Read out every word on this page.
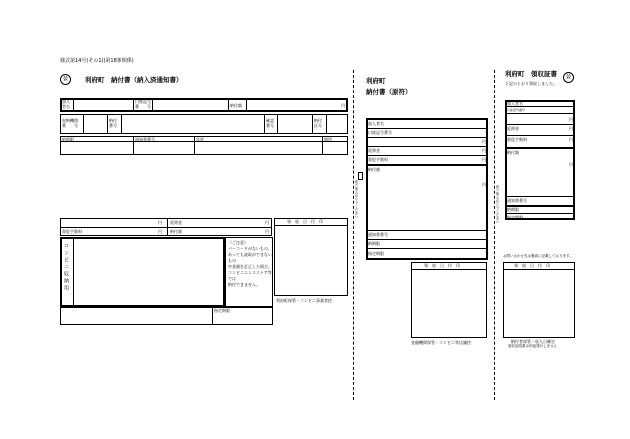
様式第14号(その1)(第18条関係)
公	利府町　納付書（納入済通知書）
加入
者名
口座記号
番　　号	納付額	円
収納機関
番　　号
納付
番号
確認
番号
納付
区分
納期限	通知書番号	年度	期別
円 延滞金	円
督促手数料	円 納付額	円
コンビニ収納用
（ご注意）
バーコードがないもの、あっても読取ができないもの
中金額を訂正した場合、コンビニエンスストア等では
納付できません。
領　収　日　付　印
利府町保管・コンビニ事業者控
指定期限
切り取らないでください
利府町
納付書（原符）
加入者名
口座記号番号
円
延滞金	円
督促手数料	円
納付額
円
通知書番号
納期限
指定期限
領　収　日　付　印
金融機関保管・コンビニ等店舗控
切り取らないでください
利府町　領収証書	公
下記のとおり領収しました。
加入者名
口座記号番号
円
延滞金	円
督促手数料	円
納付額
円
通知書番号
納期限
指定期限
お問い合わせ先は裏面に記載しております。
領　収　日　付　印
納付者保管・収入日確定
領収証明書は別途発行しません
